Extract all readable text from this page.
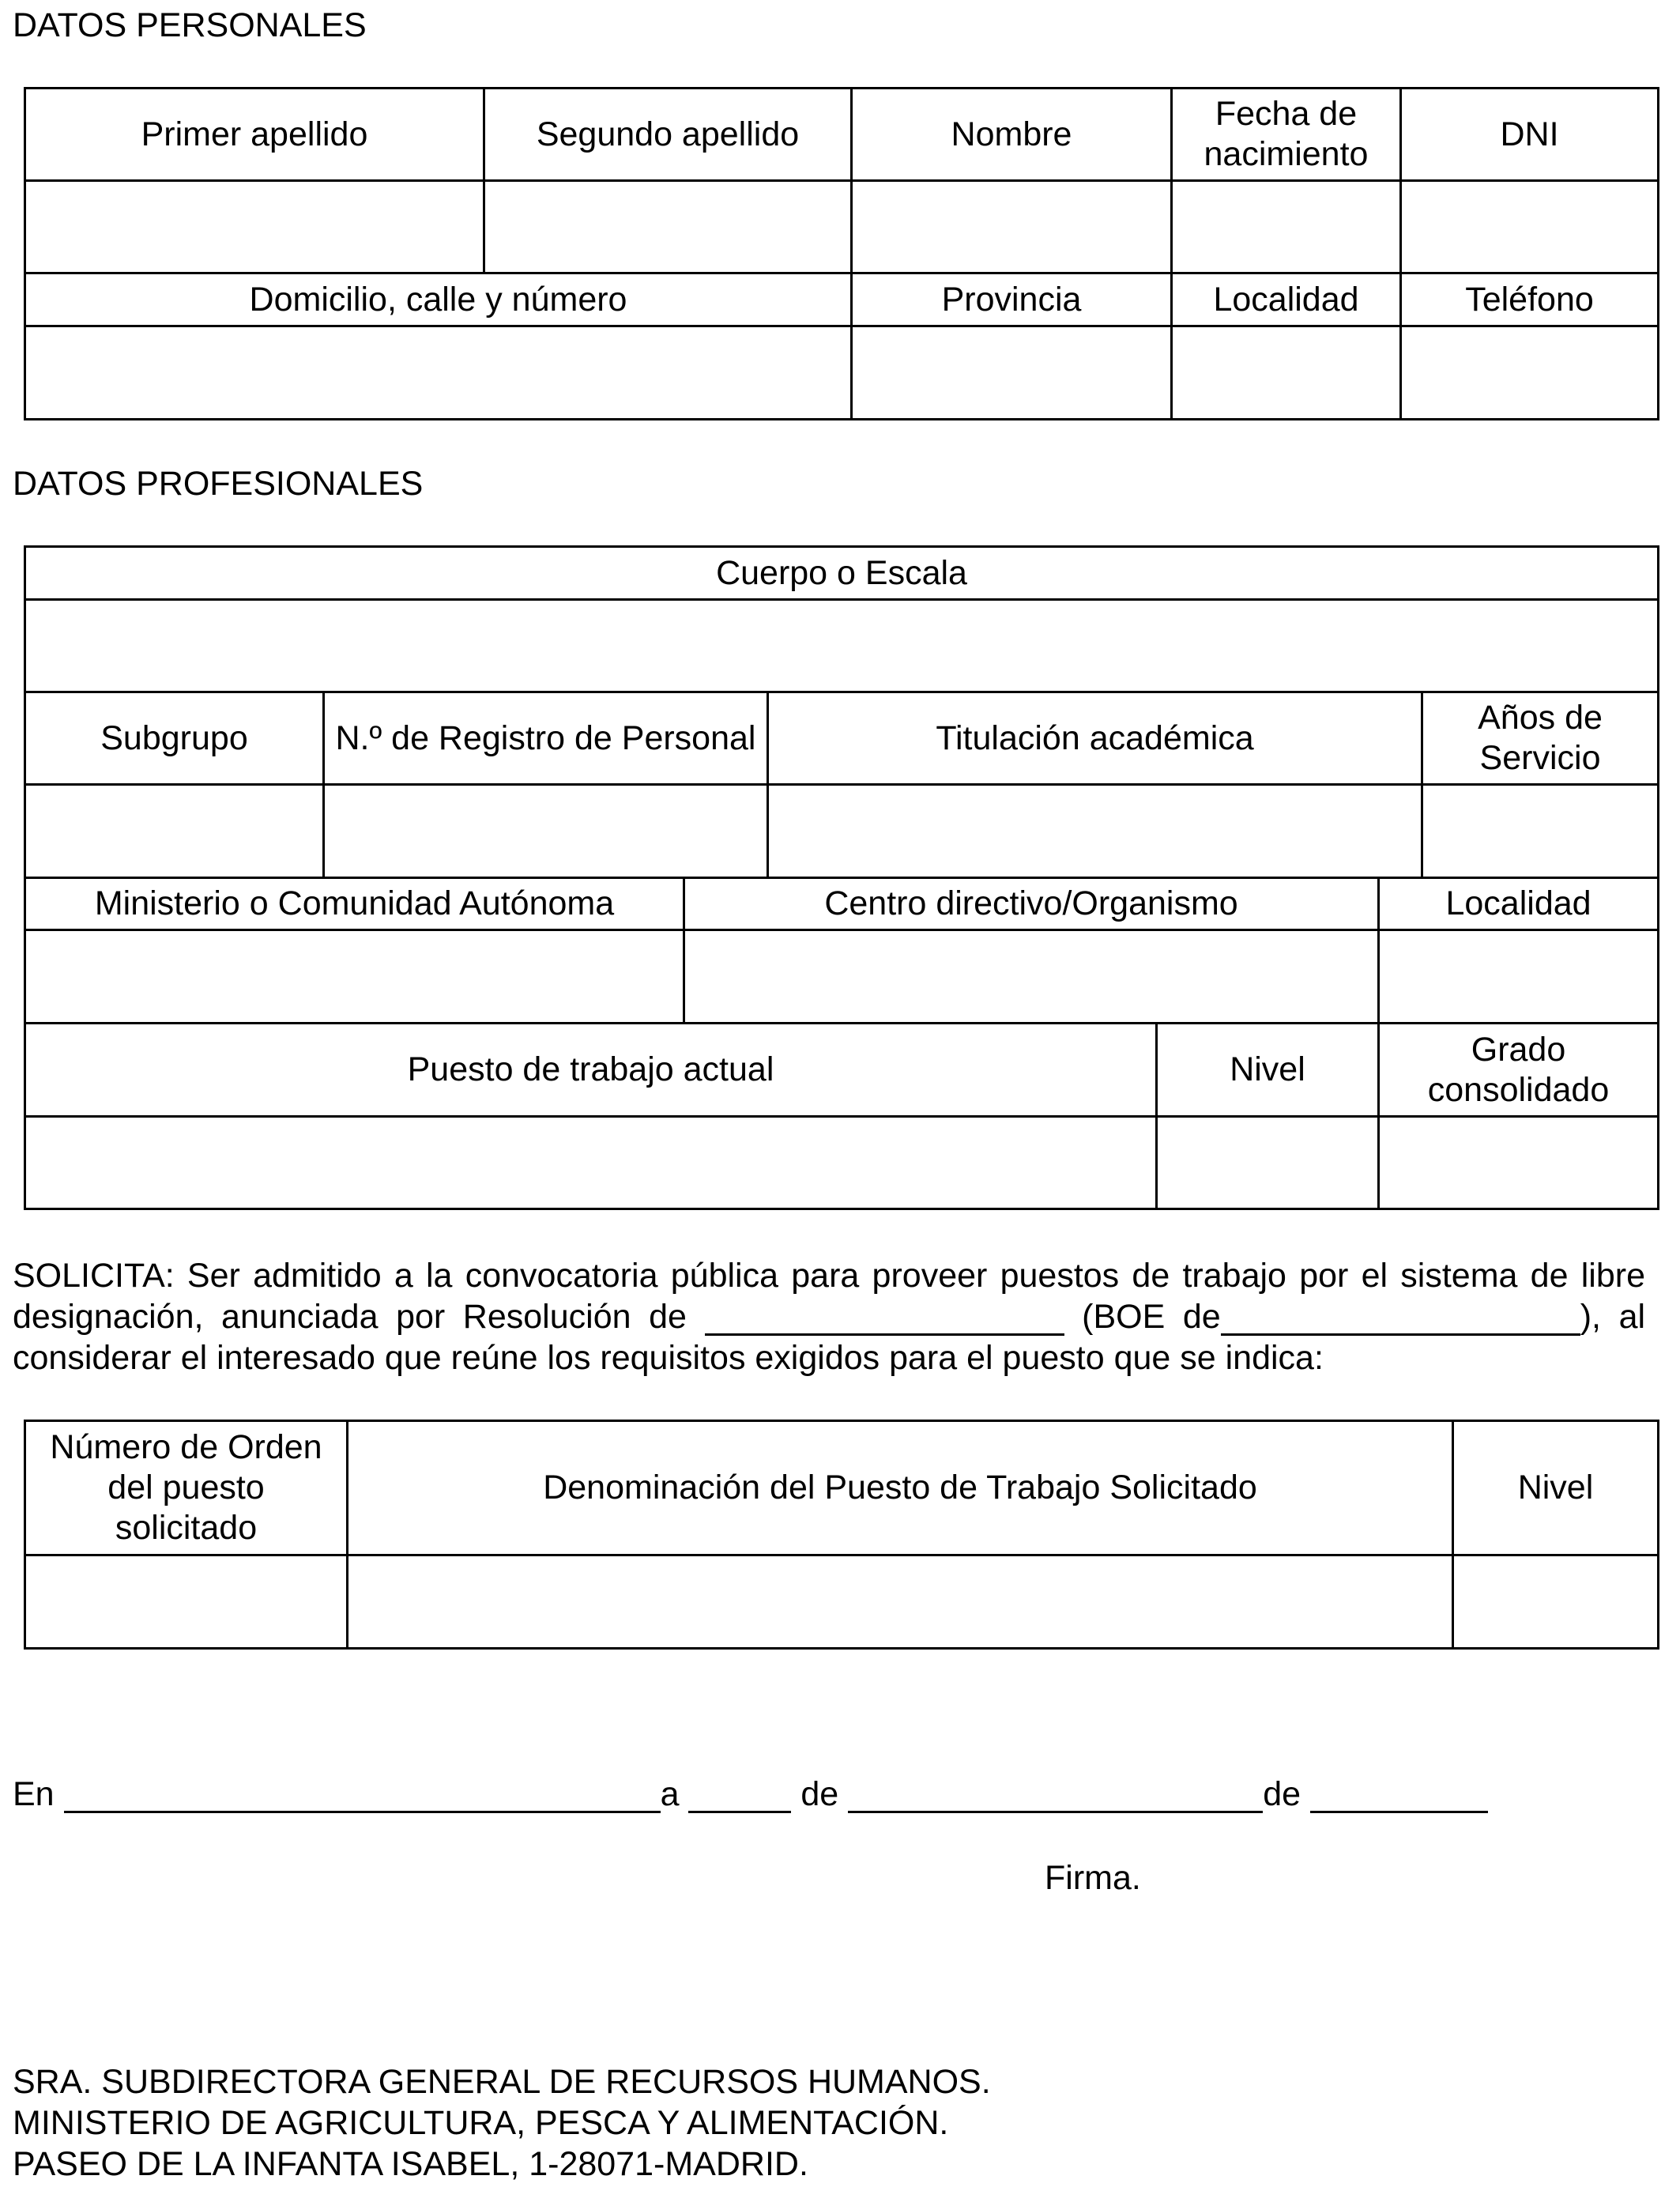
DATOS PERSONALES
Primer apellido	Segundo apellido	Nombre	Fecha de nacimiento	DNI

Domicilio, calle y número		Provincia	Localidad	Teléfono

DATOS PROFESIONALES
Cuerpo o Escala						

Subgrupo	N.º de Registro de Personal		Titulación académica			Años de Servicio

Ministerio o Comunidad Autónoma		Centro directivo/Organismo			Localidad	

Puesto de trabajo actual				Nivel	Grado consolidado	

SOLICITA: Ser admitido a la convocatoria pública para proveer puestos de trabajo por el sistema de libre designación, anunciada por Resolución de	(BOE de	), al considerar el interesado que reúne los requisitos exigidos para el puesto que se indica:
Número de Orden del puesto solicitado	Denominación del Puesto de Trabajo Solicitado	Nivel

En	a	de	de
Firma.
SRA. SUBDIRECTORA GENERAL DE RECURSOS HUMANOS.
MINISTERIO DE AGRICULTURA, PESCA Y ALIMENTACIÓN.
PASEO DE LA INFANTA ISABEL, 1-28071-MADRID.
